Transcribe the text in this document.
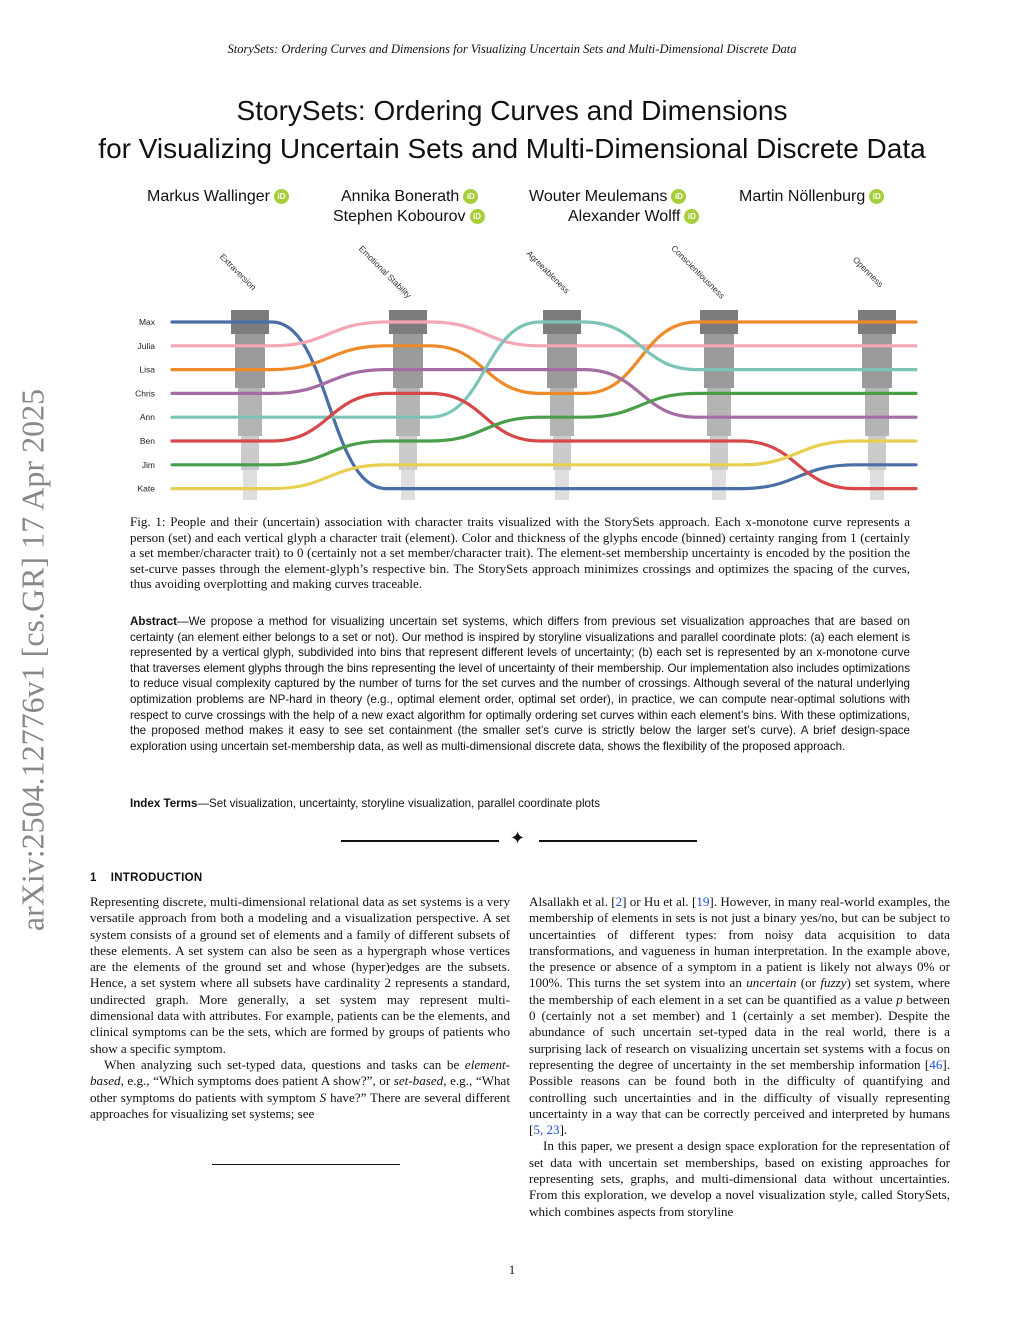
StorySets: Ordering Curves and Dimensions for Visualizing Uncertain Sets and Multi-Dimensional Discrete Data
StorySets: Ordering Curves and Dimensions
for Visualizing Uncertain Sets and Multi-Dimensional Discrete Data
Markus Wallinger iD	Annika Bonerath iD
Stephen Kobourov iD
Wouter Meulemans iD
Alexander Wolff iD
Martin Nöllenburg iD
arXiv:2504.12776v1 [cs.GR] 17 Apr 2025
Extraversion	Emotional Stability	Agreeableness	Conscientiousness	Openness
Max
Julia
Lisa
Chris
Ann
Ben
Jim
Kate
Fig. 1: People and their (uncertain) association with character traits visualized with the StorySets approach. Each x-monotone curve represents a person (set) and each vertical glyph a character trait (element). Color and thickness of the glyphs encode (binned) certainty ranging from 1 (certainly a set member/character trait) to 0 (certainly not a set member/character trait). The element-set membership uncertainty is encoded by the position the set-curve passes through the element-glyph’s respective bin. The StorySets approach minimizes crossings and optimizes the spacing of the curves, thus avoiding overplotting and making curves traceable.
Abstract—We propose a method for visualizing uncertain set systems, which differs from previous set visualization approaches that are based on certainty (an element either belongs to a set or not). Our method is inspired by storyline visualizations and parallel coordinate plots: (a) each element is represented by a vertical glyph, subdivided into bins that represent different levels of uncertainty; (b) each set is represented by an x-monotone curve that traverses element glyphs through the bins representing the level of uncertainty of their membership. Our implementation also includes optimizations to reduce visual complexity captured by the number of turns for the set curves and the number of crossings. Although several of the natural underlying optimization problems are NP-hard in theory (e.g., optimal element order, optimal set order), in practice, we can compute near-optimal solutions with respect to curve crossings with the help of a new exact algorithm for optimally ordering set curves within each element’s bins. With these optimizations, the proposed method makes it easy to see set containment (the smaller set’s curve is strictly below the larger set’s curve). A brief design-space exploration using uncertain set-membership data, as well as multi-dimensional discrete data, shows the flexibility of the proposed approach.
Index Terms—Set visualization, uncertainty, storyline visualization, parallel coordinate plots
✦
1 INTRODUCTION

Representing discrete, multi-dimensional relational data as set systems is a very versatile approach from both a modeling and a visualization perspective. A set system consists of a ground set of elements and a family of different subsets of these elements. A set system can also be seen as a hypergraph whose vertices are the elements of the ground set and whose (hyper)edges are the subsets. Hence, a set system where all subsets have cardinality 2 represents a standard, undirected graph. More generally, a set system may represent multi-dimensional data with attributes. For example, patients can be the elements, and clinical symptoms can be the sets, which are formed by groups of patients who show a specific symptom.

When analyzing such set-typed data, questions and tasks can be element-based, e.g., “Which symptoms does patient A show?”, or set-based, e.g., “What other symptoms do patients with symptom S have?” There are several different approaches for visualizing set systems; see

Alsallakh et al. [2] or Hu et al. [19]. However, in many real-world examples, the membership of elements in sets is not just a binary yes/no, but can be subject to uncertainties of different types: from noisy data acquisition to data transformations, and vagueness in human interpretation. In the example above, the presence or absence of a symptom in a patient is likely not always 0% or 100%. This turns the set system into an uncertain (or fuzzy) set system, where the membership of each element in a set can be quantified as a value p between 0 (certainly not a set member) and 1 (certainly a set member). Despite the abundance of such uncertain set-typed data in the real world, there is a surprising lack of research on visualizing uncertain set systems with a focus on representing the degree of uncertainty in the set membership information [46]. Possible reasons can be found both in the difficulty of quantifying and controlling such uncertainties and in the difficulty of visually representing uncertainty in a way that can be correctly perceived and interpreted by humans [5, 23].

In this paper, we present a design space exploration for the representation of set data with uncertain set memberships, based on existing approaches for representing sets, graphs, and multi-dimensional data without uncertainties. From this exploration, we develop a novel visualization style, called StorySets, which combines aspects from storyline

1
